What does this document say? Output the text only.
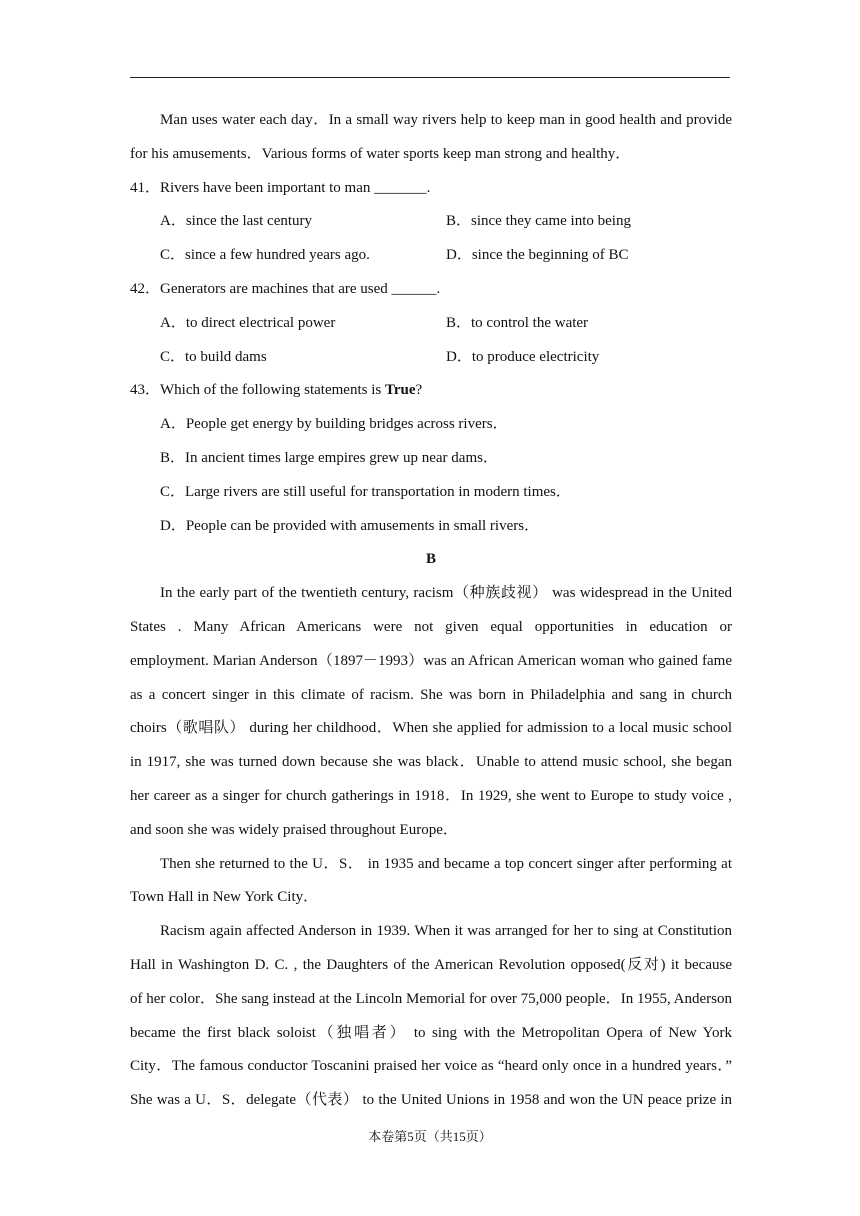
Man uses water each day．In a small way rivers help to keep man in good health and provide
for his amusements．Various forms of water sports keep man strong and healthy．
41．Rivers have been important to man _______.
A．since the last century	B．since they came into being
C．since a few hundred years ago.	D．since the beginning of BC
42．Generators are machines that are used ______.
A．to direct electrical power	B．to control the water
C．to build dams	D．to produce electricity
43．Which of the following statements is True?
A．People get energy by building bridges across rivers．
B．In ancient times large empires grew up near dams．
C．Large rivers are still useful for transportation in modern times．
D．People can be provided with amusements in small rivers．
B
In the early part of the twentieth century, racism（种族歧视） was widespread in the United
States . Many African Americans were not given equal opportunities in education or
employment. Marian Anderson（1897－1993）was an African American woman who gained fame
as a concert singer in this climate of racism. She was born in Philadelphia and sang in church
choirs（歌唱队） during her childhood．When she applied for admission to a local music school
in 1917, she was turned down because she was black．Unable to attend music school, she began
her career as a singer for church gatherings in 1918．In 1929, she went to Europe to study voice ,
and soon she was widely praised throughout Europe．
Then she returned to the U．S． in 1935 and became a top concert singer after performing at
Town Hall in New York City．
Racism again affected Anderson in 1939. When it was arranged for her to sing at Constitution
Hall in Washington D. C. , the Daughters of the American Revolution opposed(反对) it because
of her color．She sang instead at the Lincoln Memorial for over 75,000 people．In 1955, Anderson
became the first black soloist（独唱者） to sing with the Metropolitan Opera of New York
City．The famous conductor Toscanini praised her voice as “heard only once in a hundred years．”
She was a U．S．delegate（代表） to the United Unions in 1958 and won the UN peace prize in
本卷第5页（共15页）
